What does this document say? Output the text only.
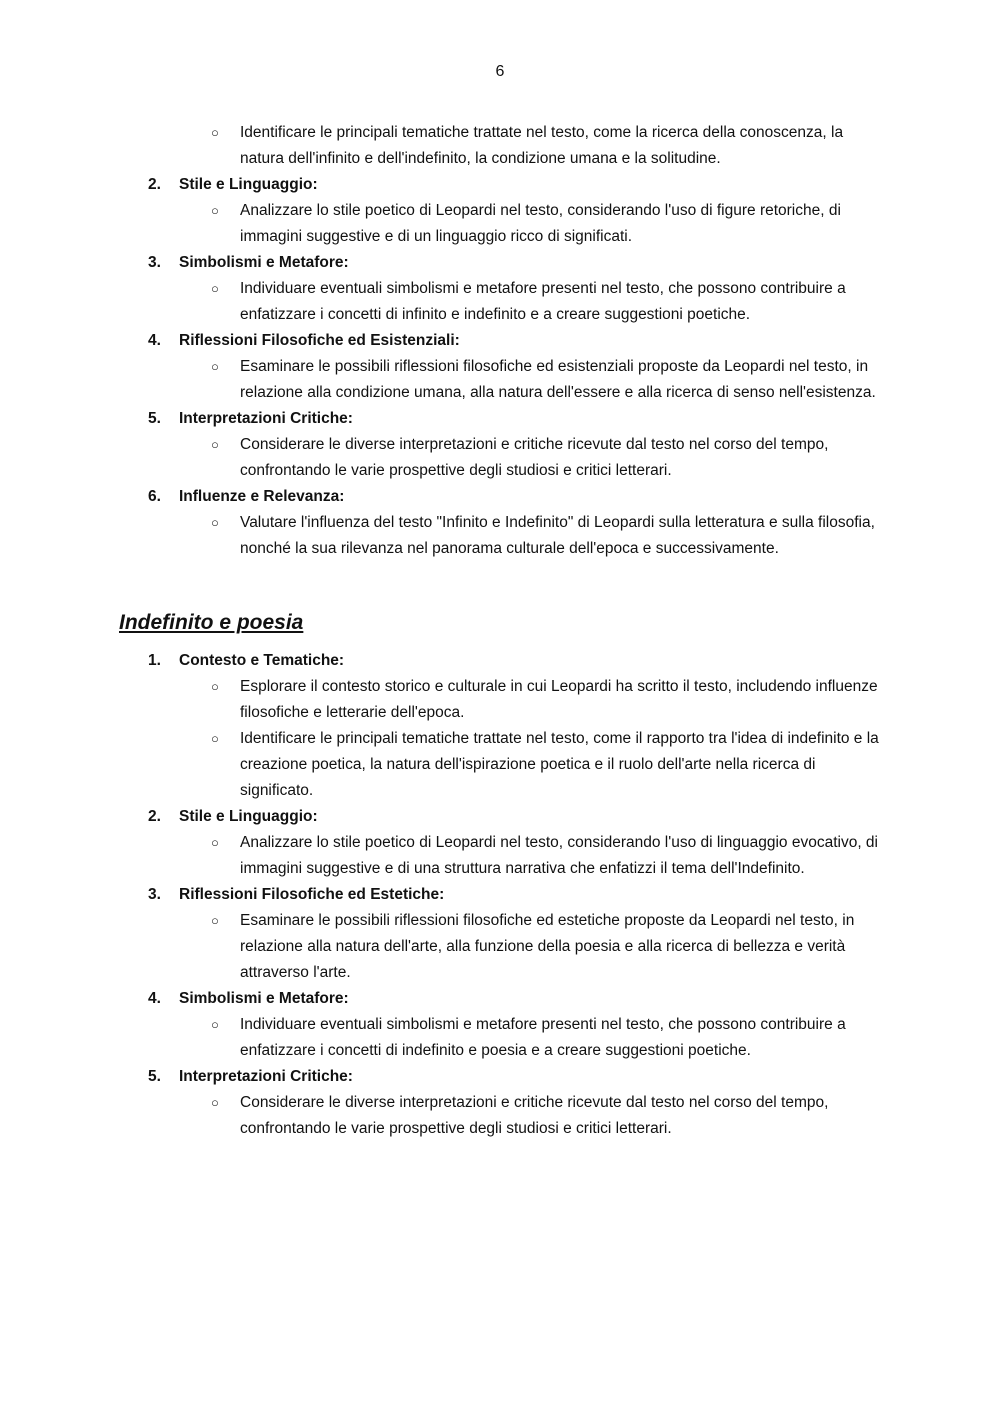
6
○ Identificare le principali tematiche trattate nel testo, come la ricerca della conoscenza, la natura dell'infinito e dell'indefinito, la condizione umana e la solitudine.
2.	Stile e Linguaggio:
○ Analizzare lo stile poetico di Leopardi nel testo, considerando l'uso di figure retoriche, di immagini suggestive e di un linguaggio ricco di significati.
3.	Simbolismi e Metafore:
○ Individuare eventuali simbolismi e metafore presenti nel testo, che possono contribuire a enfatizzare i concetti di infinito e indefinito e a creare suggestioni poetiche.
4.	Riflessioni Filosofiche ed Esistenziali:
○ Esaminare le possibili riflessioni filosofiche ed esistenziali proposte da Leopardi nel testo, in relazione alla condizione umana, alla natura dell'essere e alla ricerca di senso nell'esistenza.
5.	Interpretazioni Critiche:
○ Considerare le diverse interpretazioni e critiche ricevute dal testo nel corso del tempo, confrontando le varie prospettive degli studiosi e critici letterari.
6.	Influenze e Relevanza:
○ Valutare l'influenza del testo "Infinito e Indefinito" di Leopardi sulla letteratura e sulla filosofia, nonché la sua rilevanza nel panorama culturale dell'epoca e successivamente.
Indefinito e poesia
1.	Contesto e Tematiche:
○ Esplorare il contesto storico e culturale in cui Leopardi ha scritto il testo, includendo influenze filosofiche e letterarie dell'epoca.
○ Identificare le principali tematiche trattate nel testo, come il rapporto tra l'idea di indefinito e la creazione poetica, la natura dell'ispirazione poetica e il ruolo dell'arte nella ricerca di significato.
2.	Stile e Linguaggio:
○ Analizzare lo stile poetico di Leopardi nel testo, considerando l'uso di linguaggio evocativo, di immagini suggestive e di una struttura narrativa che enfatizzi il tema dell'Indefinito.
3.	Riflessioni Filosofiche ed Estetiche:
○ Esaminare le possibili riflessioni filosofiche ed estetiche proposte da Leopardi nel testo, in relazione alla natura dell'arte, alla funzione della poesia e alla ricerca di bellezza e verità attraverso l'arte.
4.	Simbolismi e Metafore:
○ Individuare eventuali simbolismi e metafore presenti nel testo, che possono contribuire a enfatizzare i concetti di indefinito e poesia e a creare suggestioni poetiche.
5.	Interpretazioni Critiche:
○ Considerare le diverse interpretazioni e critiche ricevute dal testo nel corso del tempo, confrontando le varie prospettive degli studiosi e critici letterari.
